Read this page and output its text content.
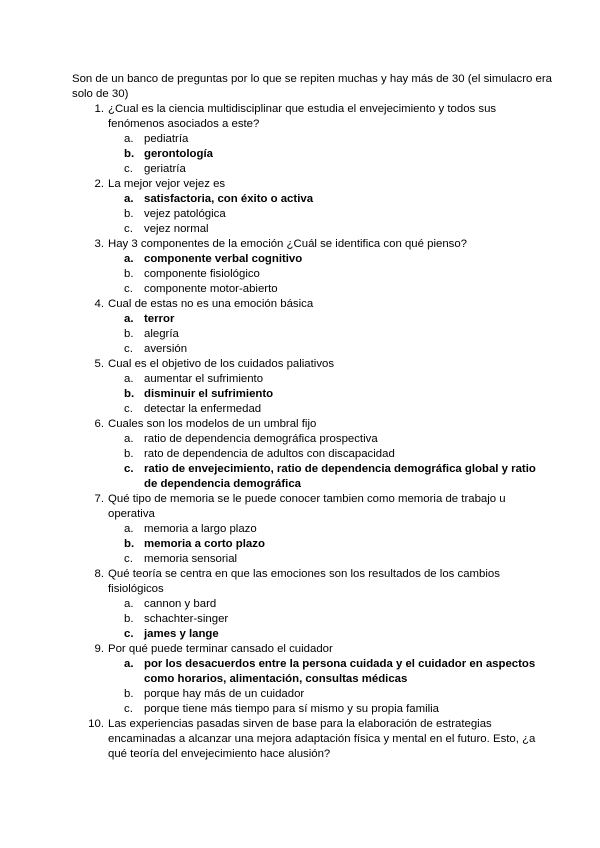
Son de un banco de preguntas por lo que se repiten muchas y hay más de 30 (el simulacro era solo de 30)

1. ¿Cual es la ciencia multidisciplinar que estudia el envejecimiento y todos sus fenómenos asociados a este?
a. pediatría
b. gerontología
c. geriatría
2. La mejor vejor vejez es
a. satisfactoria, con éxito o activa
b. vejez patológica
c. vejez normal
3. Hay 3 componentes de la emoción ¿Cuál se identifica con qué pienso?
a. componente verbal cognitivo
b. componente fisiológico
c. componente motor-abierto
4. Cual de estas no es una emoción básica
a. terror
b. alegría
c. aversión
5. Cual es el objetivo de los cuidados paliativos
a. aumentar el sufrimiento
b. disminuir el sufrimiento
c. detectar la enfermedad
6. Cuales son los modelos de un umbral fijo
a. ratio de dependencia demográfica prospectiva
b. rato de dependencia de adultos con discapacidad
c. ratio de envejecimiento, ratio de dependencia demográfica global y ratio de dependencia demográfica
7. Qué tipo de memoria se le puede conocer tambien como memoria de trabajo u operativa
a. memoria a largo plazo
b. memoria a corto plazo
c. memoria sensorial
8. Qué teoría se centra en que las emociones son los resultados de los cambios fisiológicos
a. cannon y bard
b. schachter-singer
c. james y lange
9. Por qué puede terminar cansado el cuidador
a. por los desacuerdos entre la persona cuidada y el cuidador en aspectos como horarios, alimentación, consultas médicas
b. porque hay más de un cuidador
c. porque tiene más tiempo para sí mismo y su propia familia
10. Las experiencias pasadas sirven de base para la elaboración de estrategias encaminadas a alcanzar una mejora adaptación física y mental en el futuro. Esto, ¿a qué teoría del envejecimiento hace alusión?
